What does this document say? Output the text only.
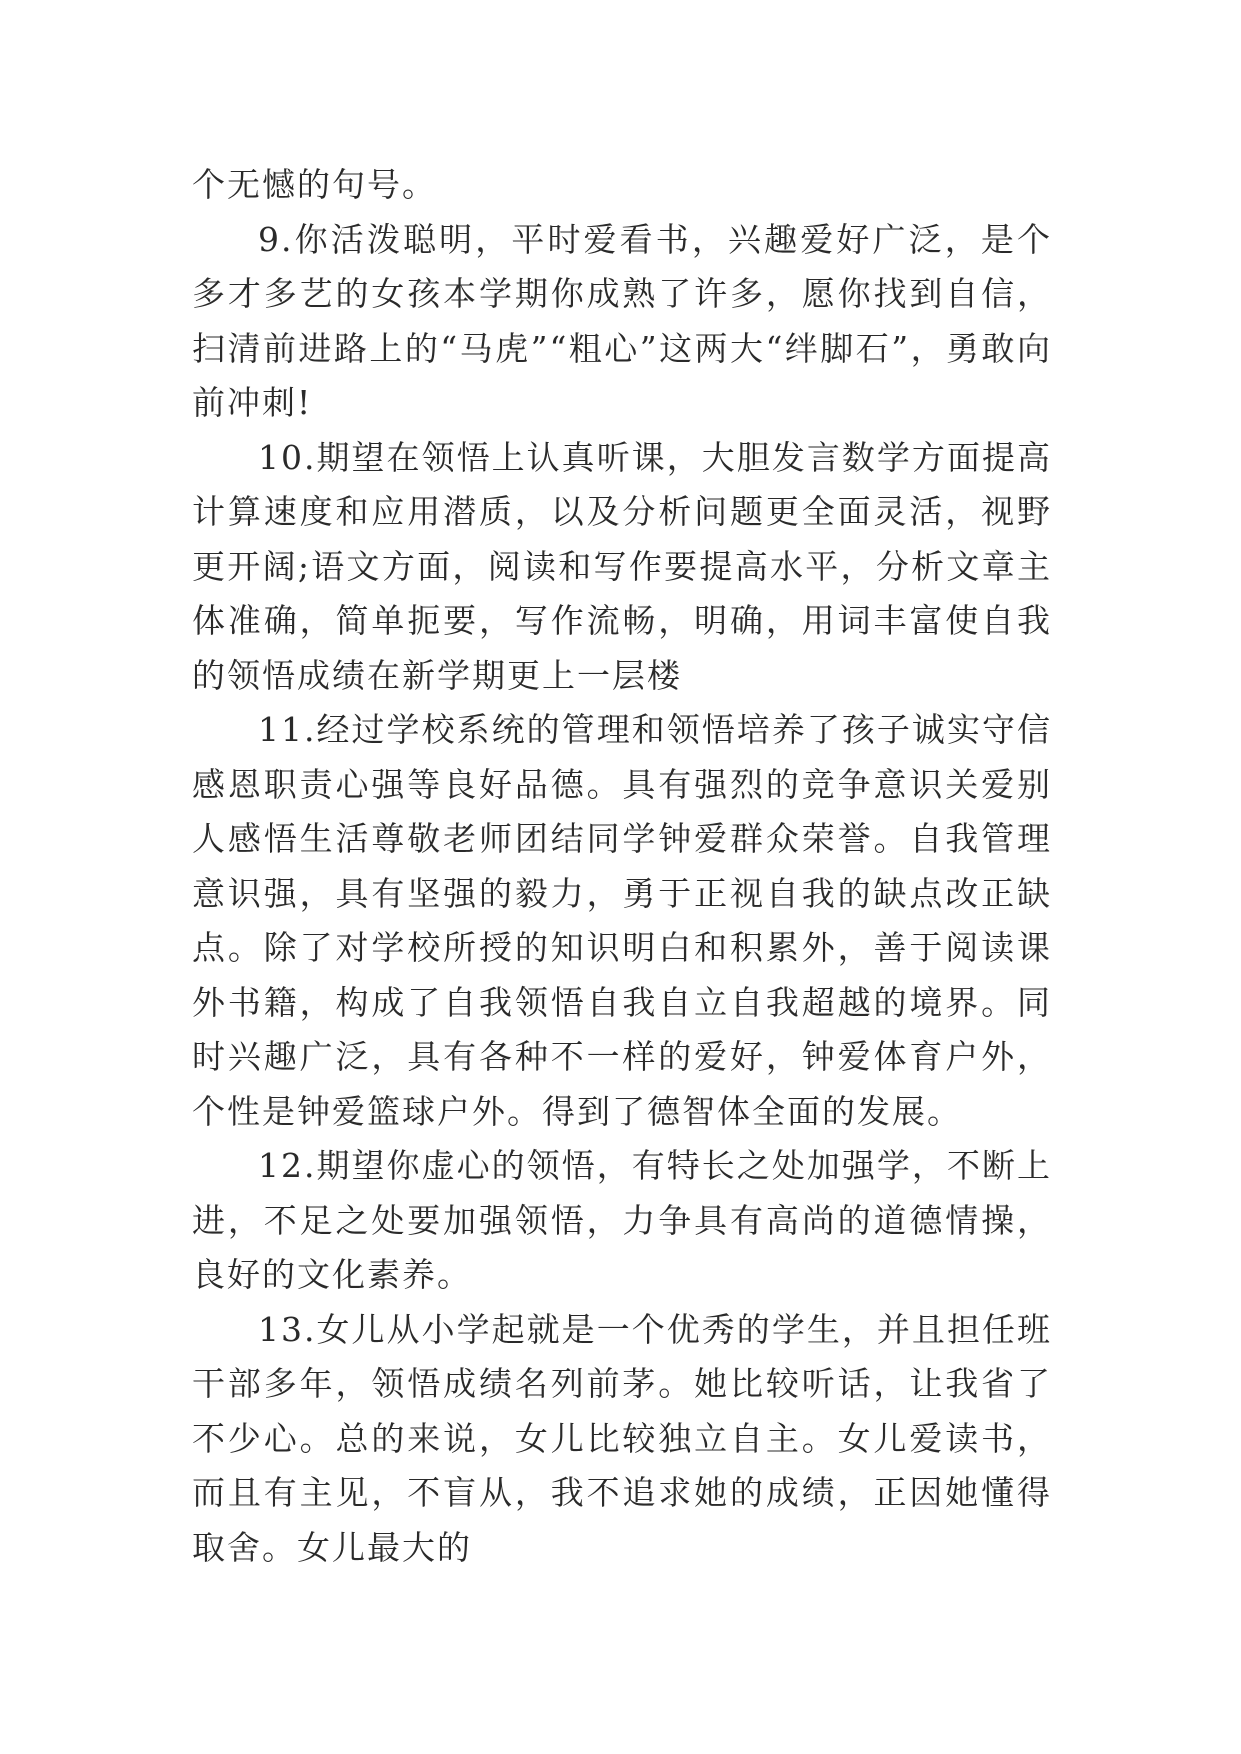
个无憾的句号。

9.你活泼聪明，平时爱看书，兴趣爱好广泛，是个多才多艺的女孩本学期你成熟了许多，愿你找到自信，扫清前进路上的“马虎”“粗心”这两大“绊脚石”，勇敢向前冲刺!

10.期望在领悟上认真听课，大胆发言数学方面提高计算速度和应用潜质，以及分析问题更全面灵活，视野更开阔;语文方面，阅读和写作要提高水平，分析文章主体准确，简单扼要，写作流畅，明确，用词丰富使自我的领悟成绩在新学期更上一层楼

11.经过学校系统的管理和领悟培养了孩子诚实守信感恩职责心强等良好品德。具有强烈的竞争意识关爱别人感悟生活尊敬老师团结同学钟爱群众荣誉。自我管理意识强，具有坚强的毅力，勇于正视自我的缺点改正缺点。除了对学校所授的知识明白和积累外，善于阅读课外书籍，构成了自我领悟自我自立自我超越的境界。同时兴趣广泛，具有各种不一样的爱好，钟爱体育户外，个性是钟爱篮球户外。得到了德智体全面的发展。

12.期望你虚心的领悟，有特长之处加强学，不断上进，不足之处要加强领悟，力争具有高尚的道德情操，良好的文化素养。

13.女儿从小学起就是一个优秀的学生，并且担任班干部多年，领悟成绩名列前茅。她比较听话，让我省了不少心。总的来说，女儿比较独立自主。女儿爱读书，而且有主见，不盲从，我不追求她的成绩，正因她懂得取舍。女儿最大的
